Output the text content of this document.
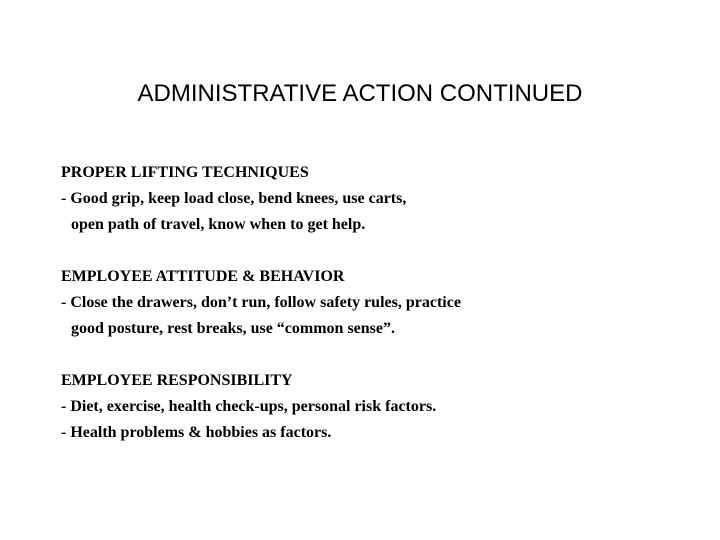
ADMINISTRATIVE ACTION CONTINUED
PROPER LIFTING TECHNIQUES
- Good grip, keep load close, bend knees, use carts,
open path of travel, know when to get help.
EMPLOYEE ATTITUDE & BEHAVIOR
- Close the drawers, don’t run, follow safety rules, practice
good posture, rest breaks, use “common sense”.
EMPLOYEE RESPONSIBILITY
- Diet, exercise, health check-ups, personal risk factors.
- Health problems & hobbies as factors.
